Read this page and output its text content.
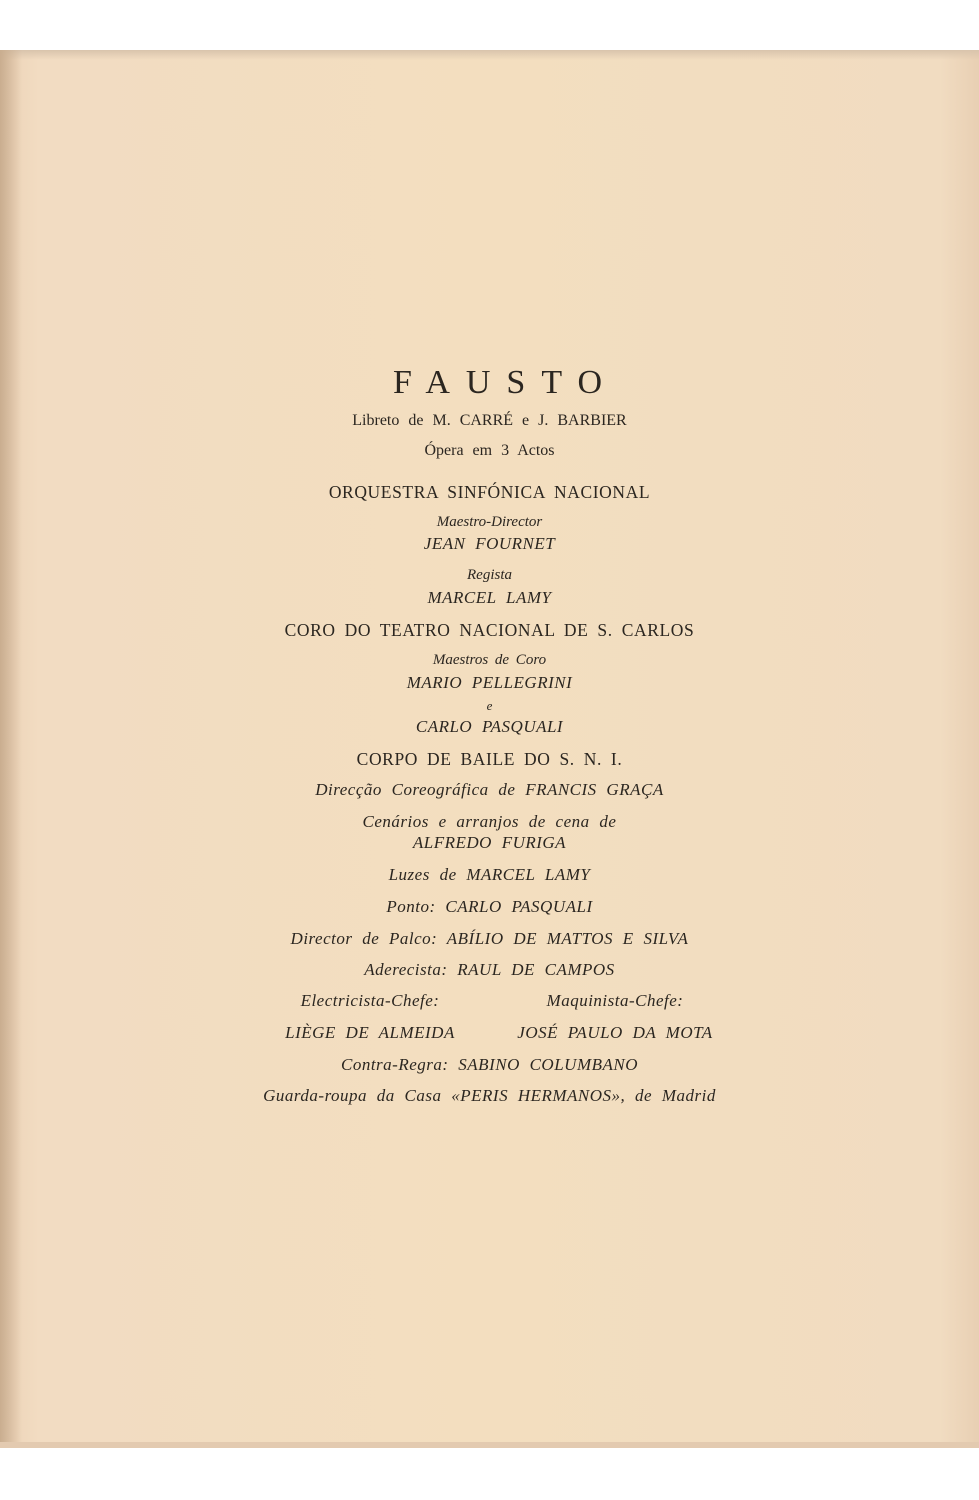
FAUSTO
Libreto de M. CARRÉ e J. BARBIER
Ópera em 3 Actos
ORQUESTRA SINFÓNICA NACIONAL
Maestro-Director
JEAN FOURNET
Regista
MARCEL LAMY
CORO DO TEATRO NACIONAL DE S. CARLOS
Maestros de Coro
MARIO PELLEGRINI
e
CARLO PASQUALI
CORPO DE BAILE DO S. N. I.
Direcção Coreográfica de FRANCIS GRAÇA
Cenários e arranjos de cena de
ALFREDO FURIGA
Luzes de MARCEL LAMY
Ponto: CARLO PASQUALI
Director de Palco: ABÍLIO DE MATTOS E SILVA
Aderecista: RAUL DE CAMPOS
Electricista-Chefe:	Maquinista-Chefe:
LIÈGE DE ALMEIDA	JOSÉ PAULO DA MOTA
Contra-Regra: SABINO COLUMBANO
Guarda-roupa da Casa «PERIS HERMANOS», de Madrid
